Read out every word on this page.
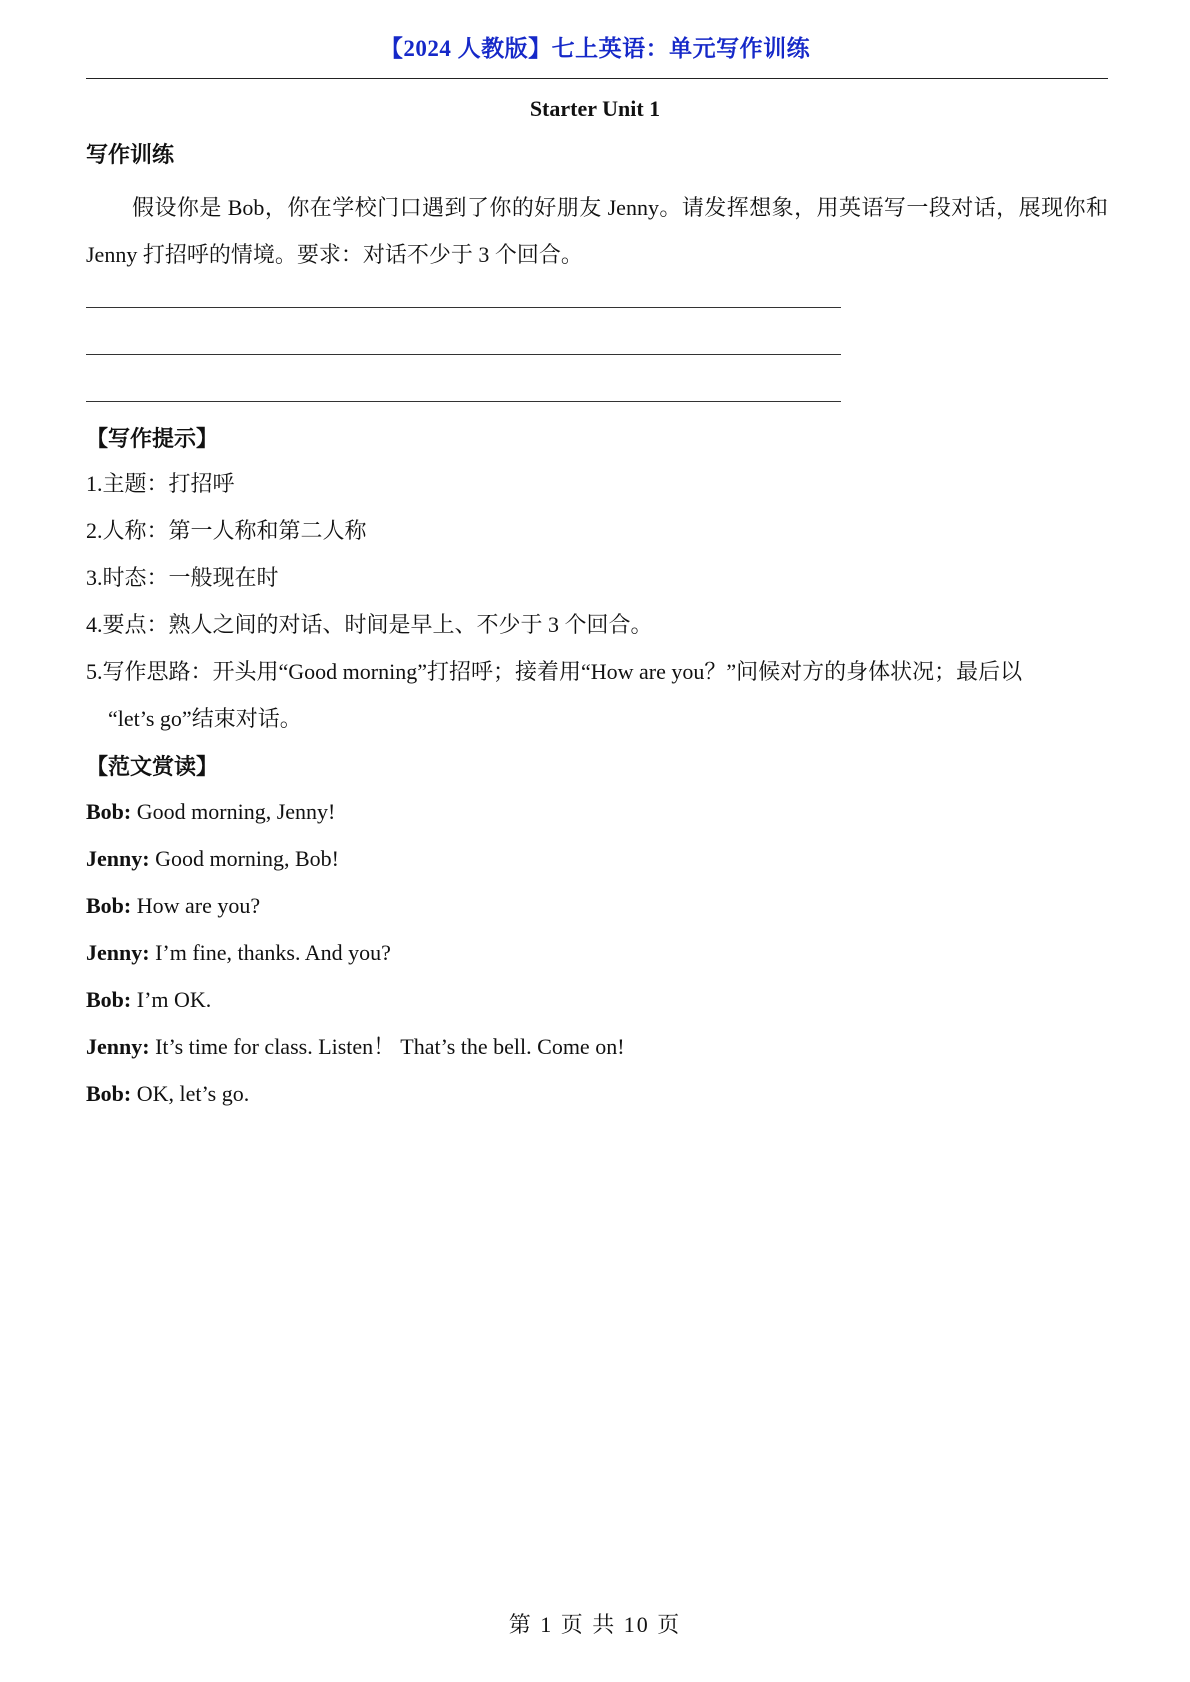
【2024 人教版】七上英语：单元写作训练
Starter Unit 1
写作训练
假设你是 Bob，你在学校门口遇到了你的好朋友 Jenny。请发挥想象，用英语写一段对话，展现你和 Jenny 打招呼的情境。要求：对话不少于 3 个回合。
【写作提示】
1.主题：打招呼
2.人称：第一人称和第二人称
3.时态：一般现在时
4.要点：熟人之间的对话、时间是早上、不少于 3 个回合。
5.写作思路：开头用“Good morning”打招呼；接着用“How are you？”问候对方的身体状况；最后以
“let’s go”结束对话。
【范文赏读】
Bob: Good morning, Jenny!
Jenny: Good morning, Bob!
Bob: How are you?
Jenny: I’m fine, thanks. And you?
Bob: I’m OK.
Jenny: It’s time for class. Listen！ That’s the bell. Come on!
Bob: OK, let’s go.
第 1 页 共 10 页
